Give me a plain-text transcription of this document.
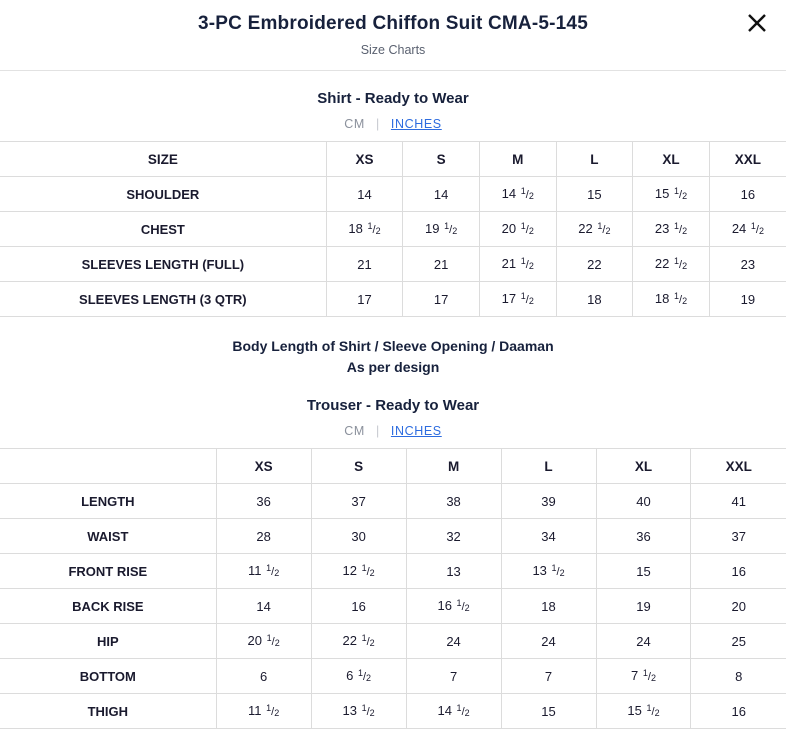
3-PC Embroidered Chiffon Suit CMA-5-145
Size Charts
Shirt - Ready to Wear
CM | INCHES
SIZE	XS	S	M	L	XL	XXL
SHOULDER	14	14	14 $^1/_2$	15	15 $^1/_2$	16
CHEST	18 $^1/_2$	19 $^1/_2$	20 $^1/_2$	22 $^1/_2$	23 $^1/_2$	24 $^1/_2$
SLEEVES LENGTH (FULL)	21	21	21 $^1/_2$	22	22 $^1/_2$	23
SLEEVES LENGTH (3 QTR)	17	17	17 $^1/_2$	18	18 $^1/_2$	19
Body Length of Shirt / Sleeve Opening / Daaman
As per design
Trouser - Ready to Wear
CM | INCHES
	XS	S	M	L	XL	XXL
LENGTH	36	37	38	39	40	41
WAIST	28	30	32	34	36	37
FRONT RISE	11 $^1/_2$	12 $^1/_2$	13	13 $^1/_2$	15	16
BACK RISE	14	16	16 $^1/_2$	18	19	20
HIP	20 $^1/_2$	22 $^1/_2$	24	24	24	25
BOTTOM	6	6 $^1/_2$	7	7	7 $^1/_2$	8
THIGH	11 $^1/_2$	13 $^1/_2$	14 $^1/_2$	15	15 $^1/_2$	16
